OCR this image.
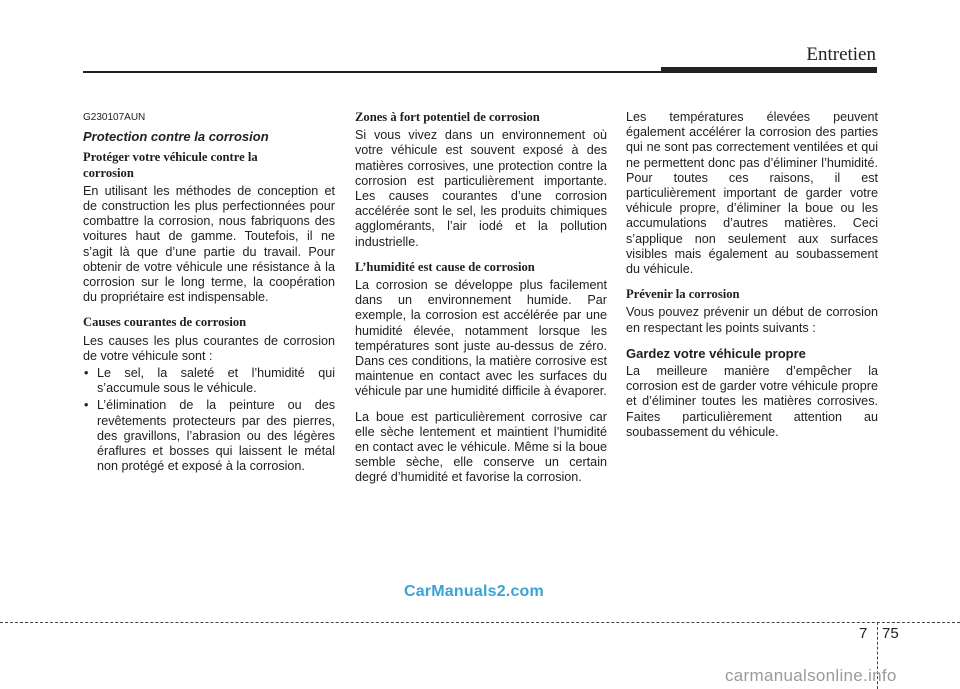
Entretien
G230107AUN
Protection contre la corrosion
Protéger votre véhicule contre la
corrosion

En utilisant les méthodes de conception et de construction les plus perfectionnées pour combattre la corrosion, nous fabriquons des voitures haut de gamme. Toutefois, il ne s’agit là que d’une partie du travail. Pour obtenir de votre véhicule une résistance à la corrosion sur le long terme, la coopération du propriétaire est indispensable.

Causes courantes de corrosion

Les causes les plus courantes de corrosion de votre véhicule sont :

• Le sel, la saleté et l’humidité qui s’accumule sous le véhicule.
• L’élimination de la peinture ou des revêtements protecteurs par des pierres, des gravillons, l’abrasion ou des légères éraflures et bosses qui laissent le métal non protégé et exposé à la corrosion.
Zones à fort potentiel de corrosion

Si vous vivez dans un environnement où votre véhicule est souvent exposé à des matières corrosives, une protection contre la corrosion est particulièrement importante. Les causes courantes d’une corrosion accélérée sont le sel, les produits chimiques agglomérants, l’air iodé et la pollution industrielle.

L’humidité est cause de corrosion

La corrosion se développe plus facilement dans un environnement humide. Par exemple, la corrosion est accélérée par une humidité élevée, notamment lorsque les températures sont juste au-dessus de zéro. Dans ces conditions, la matière corrosive est maintenue en contact avec les surfaces du véhicule par une humidité difficile à évaporer.

La boue est particulièrement corrosive car elle sèche lentement et maintient l’humidité en contact avec le véhicule. Même si la boue semble sèche, elle conserve un certain degré d’humidité et favorise la corrosion.

Les températures élevées peuvent également accélérer la corrosion des parties qui ne sont pas correctement ventilées et qui ne permettent donc pas d’éliminer l’humidité. Pour toutes ces raisons, il est particulièrement important de garder votre véhicule propre, d’éliminer la boue ou les accumulations d’autres matières. Ceci s’applique non seulement aux surfaces visibles mais également au soubassement du véhicule.

Prévenir la corrosion

Vous pouvez prévenir un début de corrosion en respectant les points suivants :

Gardez votre véhicule propre

La meilleure manière d’empêcher la corrosion est de garder votre véhicule propre et d’éliminer toutes les matières corrosives. Faites particulièrement attention au soubassement du véhicule.

CarManuals2.com
7 75
carmanualsonline.info
